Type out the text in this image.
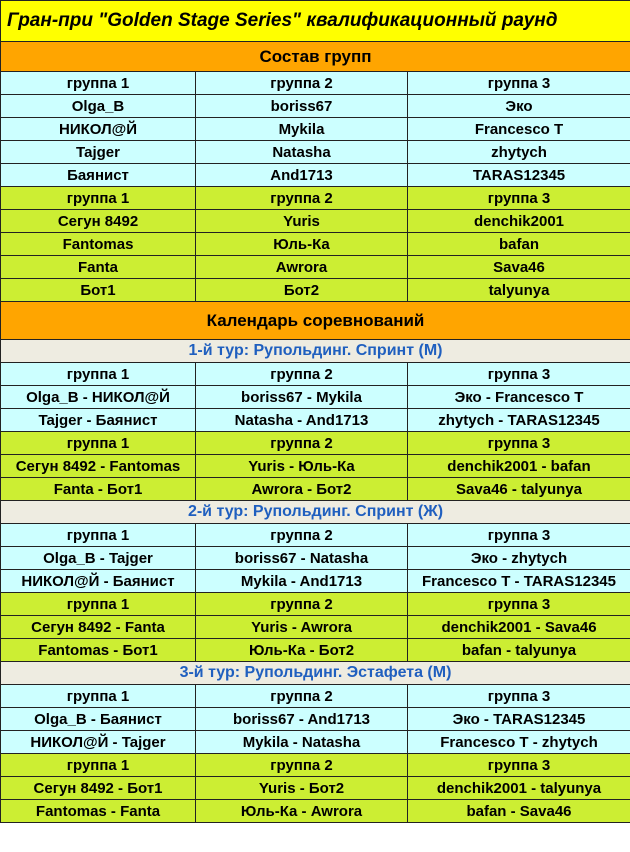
Гран-при "Golden Stage Series" квалификационный раунд		
Состав групп		
группа 1	группа 2	группа 3
Olga_B	boriss67	Эко
НИКОЛ@Й	Mykila	Francesco T
Tajger	Natasha	zhytych
Баянист	And1713	TARAS12345
группа 1	группа 2	группа 3
Сегун 8492	Yuris	denchik2001
Fantomas	Юль-Ка	bafan
Fanta	Awrora	Sava46
Бот1	Бот2	talyunya
Календарь соревнований		
1-й тур: Рупольдинг. Спринт (М)		
группа 1	группа 2	группа 3
Olga_B - НИКОЛ@Й	boriss67 - Mykila	Эко - Francesco T
Tajger - Баянист	Natasha - And1713	zhytych - TARAS12345
группа 1	группа 2	группа 3
Сегун 8492 - Fantomas	Yuris - Юль-Ка	denchik2001 - bafan
Fanta - Бот1	Awrora - Бот2	Sava46 - talyunya
2-й тур: Рупольдинг. Спринт (Ж)		
группа 1	группа 2	группа 3
Olga_B - Tajger	boriss67 - Natasha	Эко - zhytych
НИКОЛ@Й - Баянист	Mykila - And1713	Francesco T - TARAS12345
группа 1	группа 2	группа 3
Сегун 8492 - Fanta	Yuris - Awrora	denchik2001 - Sava46
Fantomas - Бот1	Юль-Ка - Бот2	bafan - talyunya
3-й тур: Рупольдинг. Эстафета (М)		
группа 1	группа 2	группа 3
Olga_B - Баянист	boriss67 - And1713	Эко - TARAS12345
НИКОЛ@Й - Tajger	Mykila - Natasha	Francesco T - zhytych
группа 1	группа 2	группа 3
Сегун 8492 - Бот1	Yuris - Бот2	denchik2001 - talyunya
Fantomas - Fanta	Юль-Ка - Awrora	bafan - Sava46
